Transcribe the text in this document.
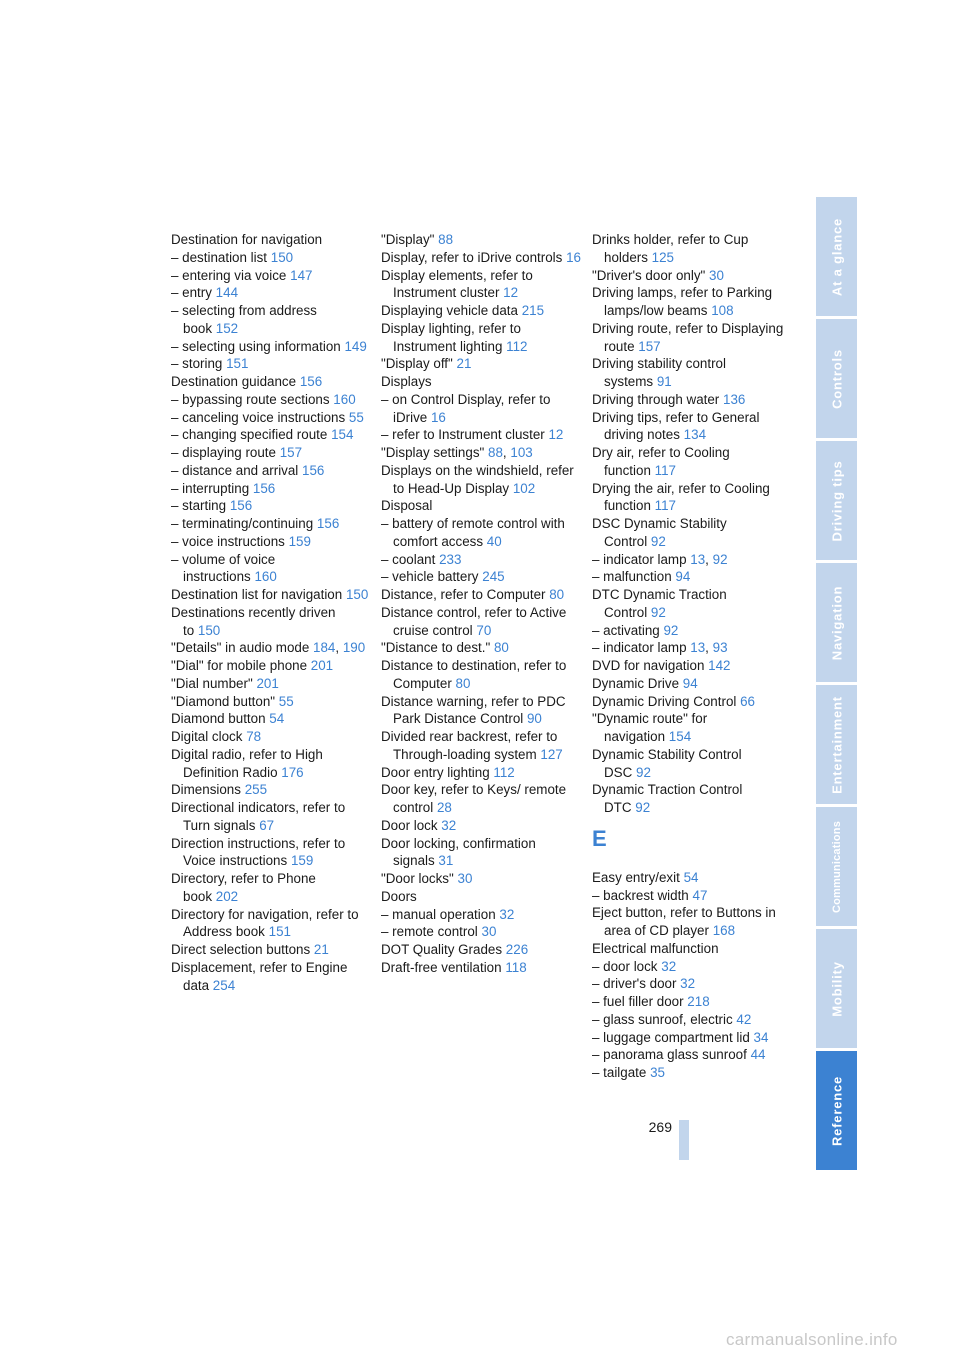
Destination for navigation

– destination list 150

– entering via voice 147

– entry 144

– selecting from address book 152

– selecting using information 149

– storing 151

Destination guidance 156

– bypassing route sections 160

– canceling voice instructions 55

– changing specified route 154

– displaying route 157

– distance and arrival 156

– interrupting 156

– starting 156

– terminating/continuing 156

– voice instructions 159

– volume of voice instructions 160

Destination list for navigation 150

Destinations recently driven to 150

"Details" in audio mode 184 , 190

"Dial" for mobile phone 201

"Dial number" 201

"Diamond button" 55

Diamond button 54

Digital clock 78

Digital radio, refer to High Definition Radio 176

Dimensions 255

Directional indicators, refer to Turn signals 67

Direction instructions, refer to Voice instructions 159

Directory, refer to Phone book 202

Directory for navigation, refer to Address book 151

Direct selection buttons 21

Displacement, refer to Engine data 254

"Display" 88

Display, refer to iDrive controls 16

Display elements, refer to Instrument cluster 12

Displaying vehicle data 215

Display lighting, refer to Instrument lighting 112

"Display off" 21

Displays

– on Control Display, refer to iDrive 16

– refer to Instrument cluster 12

"Display settings" 88 , 103

Displays on the windshield, refer to Head-Up Display 102

Disposal

– battery of remote control with comfort access 40

– coolant 233

– vehicle battery 245

Distance, refer to Computer 80

Distance control, refer to Active cruise control 70

"Distance to dest." 80

Distance to destination, refer to Computer 80

Distance warning, refer to PDC Park Distance Control 90

Divided rear backrest, refer to Through-loading system 127

Door entry lighting 112

Door key, refer to Keys/ remote control 28

Door lock 32

Door locking, confirmation signals 31

"Door locks" 30

Doors

– manual operation 32

– remote control 30

DOT Quality Grades 226

Draft-free ventilation 118

Drinks holder, refer to Cup holders 125

"Driver's door only" 30

Driving lamps, refer to Parking lamps/low beams 108

Driving route, refer to Displaying route 157

Driving stability control systems 91

Driving through water 136

Driving tips, refer to General driving notes 134

Dry air, refer to Cooling function 117

Drying the air, refer to Cooling function 117

DSC Dynamic Stability Control 92

– indicator lamp 13 , 92

– malfunction 94

DTC Dynamic Traction Control 92

– activating 92

– indicator lamp 13 , 93

DVD for navigation 142

Dynamic Drive 94

Dynamic Driving Control 66

"Dynamic route" for navigation 154

Dynamic Stability Control DSC 92

Dynamic Traction Control DTC 92

E

Easy entry/exit 54

– backrest width 47

Eject button, refer to Buttons in area of CD player 168

Electrical malfunction

– door lock 32

– driver's door 32

– fuel filler door 218

– glass sunroof, electric 42

– luggage compartment lid 34

– panorama glass sunroof 44

– tailgate 35

At a glance
Controls
Driving tips
Navigation
Entertainment
Communications
Mobility
Reference
269
carmanualsonline.info
